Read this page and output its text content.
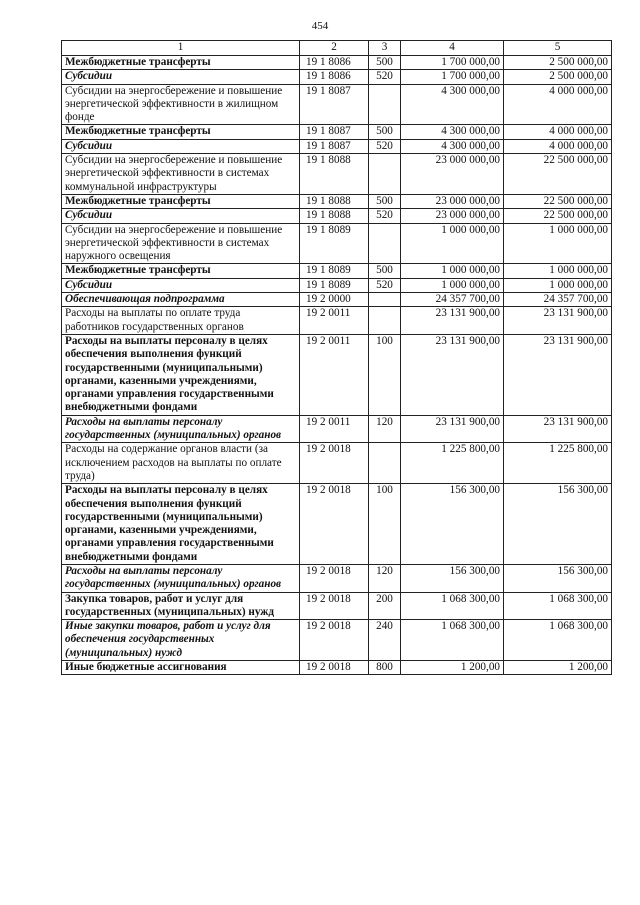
454
1	2	3	4	5
Межбюджетные трансферты	19 1 8086	500	1 700 000,00	2 500 000,00
Субсидии	19 1 8086	520	1 700 000,00	2 500 000,00
Субсидии на энергосбережение и повышение энергетической эффективности в жилищном фонде	19 1 8087		4 300 000,00	4 000 000,00
Межбюджетные трансферты	19 1 8087	500	4 300 000,00	4 000 000,00
Субсидии	19 1 8087	520	4 300 000,00	4 000 000,00
Субсидии на энергосбережение и повышение энергетической эффективности в системах коммунальной инфраструктуры	19 1 8088		23 000 000,00	22 500 000,00
Межбюджетные трансферты	19 1 8088	500	23 000 000,00	22 500 000,00
Субсидии	19 1 8088	520	23 000 000,00	22 500 000,00
Субсидии на энергосбережение и повышение энергетической эффективности в системах наружного освещения	19 1 8089		1 000 000,00	1 000 000,00
Межбюджетные трансферты	19 1 8089	500	1 000 000,00	1 000 000,00
Субсидии	19 1 8089	520	1 000 000,00	1 000 000,00
Обеспечивающая подпрограмма	19 2 0000		24 357 700,00	24 357 700,00
Расходы на выплаты по оплате труда работников государственных органов	19 2 0011		23 131 900,00	23 131 900,00
Расходы на выплаты персоналу в целях обеспечения выполнения функций государственными (муниципальными) органами, казенными учреждениями, органами управления государственными внебюджетными фондами	19 2 0011	100	23 131 900,00	23 131 900,00
Расходы на выплаты персоналу государственных (муниципальных) органов	19 2 0011	120	23 131 900,00	23 131 900,00
Расходы на содержание органов власти (за исключением расходов на выплаты по оплате труда)	19 2 0018		1 225 800,00	1 225 800,00
Расходы на выплаты персоналу в целях обеспечения выполнения функций государственными (муниципальными) органами, казенными учреждениями, органами управления государственными внебюджетными фондами	19 2 0018	100	156 300,00	156 300,00
Расходы на выплаты персоналу государственных (муниципальных) органов	19 2 0018	120	156 300,00	156 300,00
Закупка товаров, работ и услуг для государственных (муниципальных) нужд	19 2 0018	200	1 068 300,00	1 068 300,00
Иные закупки товаров, работ и услуг для обеспечения государственных (муниципальных) нужд	19 2 0018	240	1 068 300,00	1 068 300,00
Иные бюджетные ассигнования	19 2 0018	800	1 200,00	1 200,00
